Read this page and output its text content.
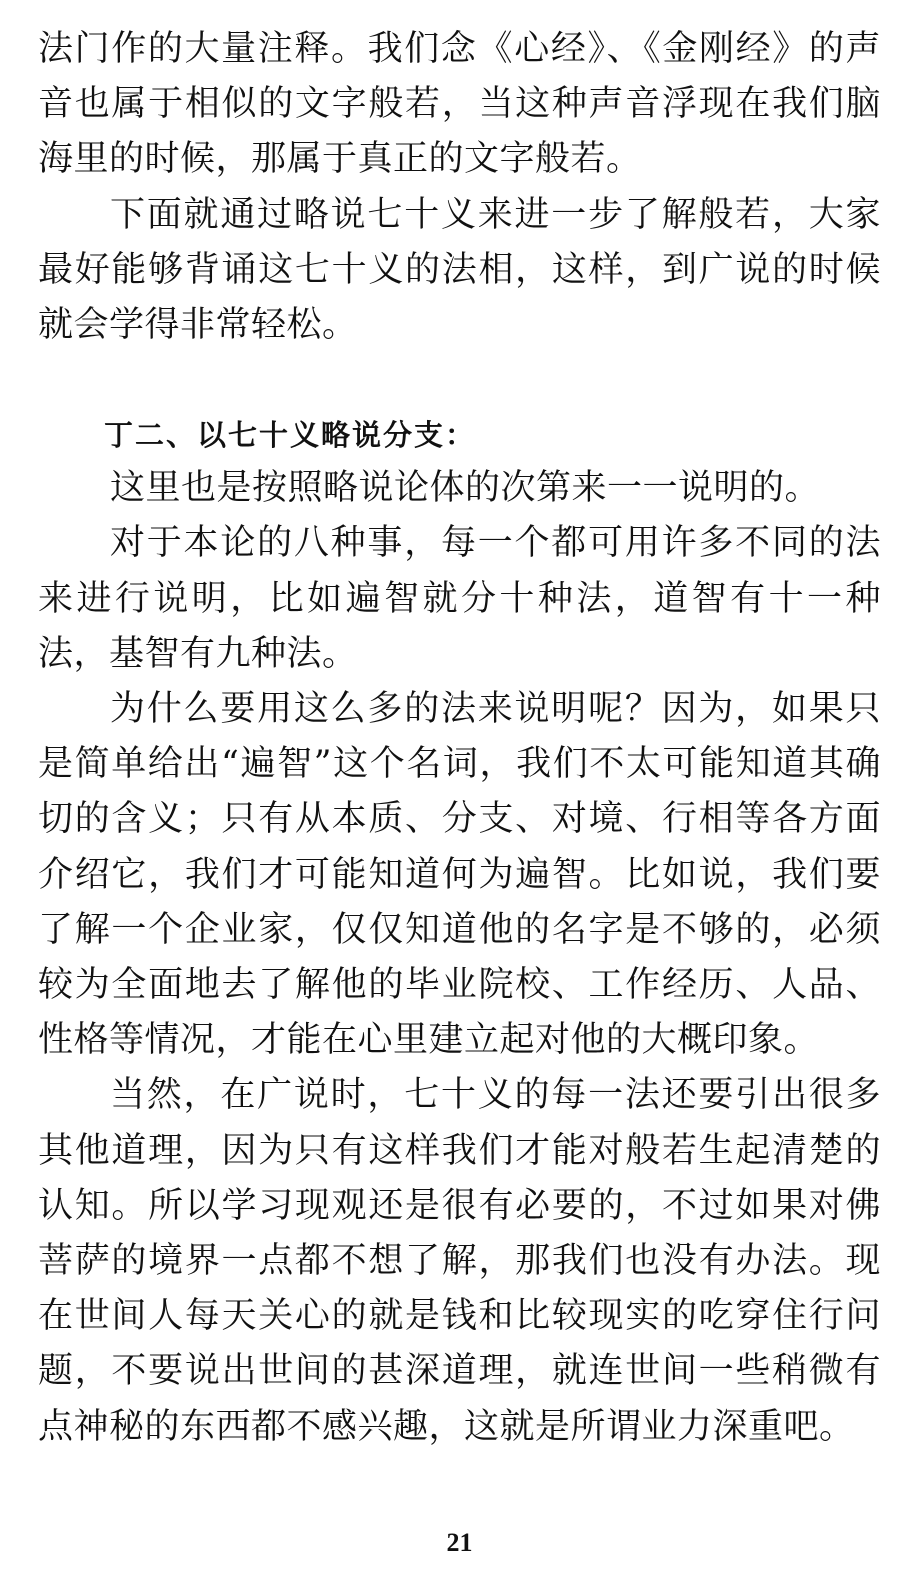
法门作的大量注释。我们念《心经》、《金刚经》的声音也属于相似的文字般若，当这种声音浮现在我们脑海里的时候，那属于真正的文字般若。

下面就通过略说七十义来进一步了解般若，大家最好能够背诵这七十义的法相，这样，到广说的时候就会学得非常轻松。

丁二、以七十义略说分支：

这里也是按照略说论体的次第来一一说明的。

对于本论的八种事，每一个都可用许多不同的法来进行说明，比如遍智就分十种法，道智有十一种法，基智有九种法。

为什么要用这么多的法来说明呢？因为，如果只是简单给出“遍智”这个名词，我们不太可能知道其确切的含义；只有从本质、分支、对境、行相等各方面介绍它，我们才可能知道何为遍智。比如说，我们要了解一个企业家，仅仅知道他的名字是不够的，必须较为全面地去了解他的毕业院校、工作经历、人品、性格等情况，才能在心里建立起对他的大概印象。

当然，在广说时，七十义的每一法还要引出很多其他道理，因为只有这样我们才能对般若生起清楚的认知。所以学习现观还是很有必要的，不过如果对佛菩萨的境界一点都不想了解，那我们也没有办法。现在世间人每天关心的就是钱和比较现实的吃穿住行问题，不要说出世间的甚深道理，就连世间一些稍微有点神秘的东西都不感兴趣，这就是所谓业力深重吧。

21
